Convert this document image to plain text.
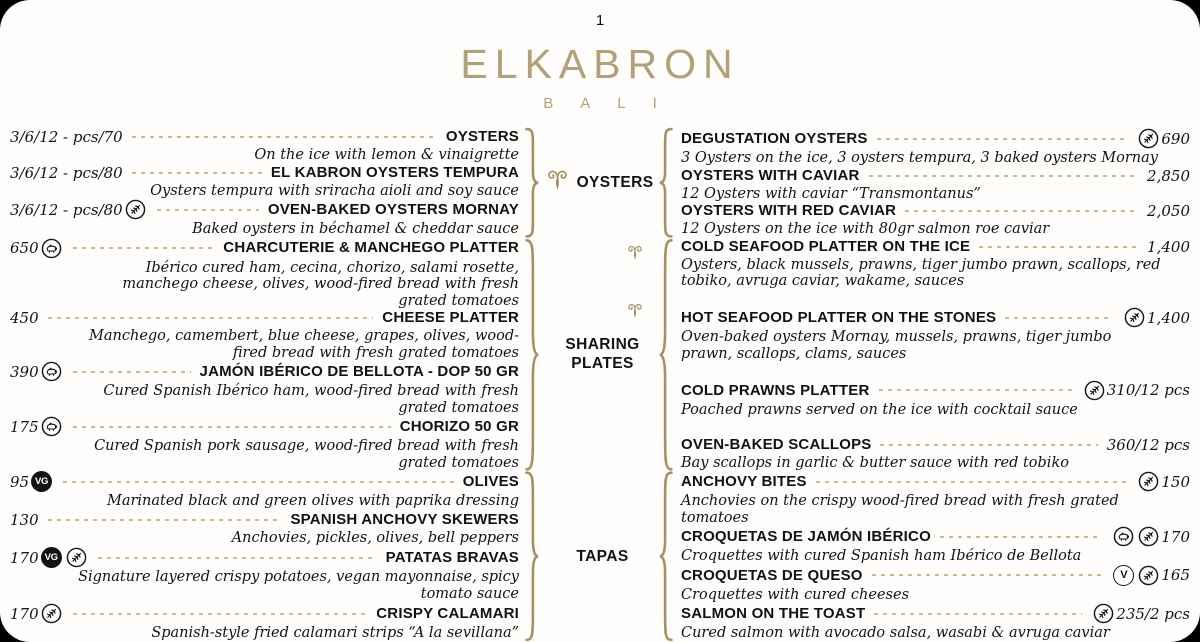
1
ELKABRON
BALI
3/6/12 - pcs/70	OYSTERS
On the ice with lemon & vinaigrette
3/6/12 - pcs/80	EL KABRON OYSTERS TEMPURA
Oysters tempura with sriracha aioli and soy sauce
3/6/12 - pcs/80	OVEN-BAKED OYSTERS MORNAY
Baked oysters in béchamel & cheddar sauce
OYSTERS
DEGUSTATION OYSTERS	690
3 Oysters on the ice, 3 oysters tempura, 3 baked oysters Mornay
OYSTERS WITH CAVIAR	2,850
12 Oysters with caviar “Transmontanus”
OYSTERS WITH RED CAVIAR	2,050
12 Oysters on the ice with 80gr salmon roe caviar
650	CHARCUTERIE & MANCHEGO PLATTER
Ibérico cured ham, cecina, chorizo, salami rosette, manchego cheese, olives, wood-fired bread with fresh grated tomatoes
450	CHEESE PLATTER
Manchego, camembert, blue cheese, grapes, olives, wood-fired bread with fresh grated tomatoes
390	JAMÓN IBÉRICO DE BELLOTA - DOP 50 GR
Cured Spanish Ibérico ham, wood-fired bread with fresh grated tomatoes
175	CHORIZO 50 GR
Cured Spanish pork sausage, wood-fired bread with fresh grated tomatoes
SHARING
PLATES
COLD SEAFOOD PLATTER ON THE ICE	1,400
Oysters, black mussels, prawns, tiger jumbo prawn, scallops, red tobiko, avruga caviar, wakame, sauces
HOT SEAFOOD PLATTER ON THE STONES	1,400
Oven-baked oysters Mornay, mussels, prawns, tiger jumbo prawn, scallops, clams, sauces
COLD PRAWNS PLATTER	310/12 pcs
Poached prawns served on the ice with cocktail sauce
OVEN-BAKED SCALLOPS	360/12 pcs
Bay scallops in garlic & butter sauce with red tobiko
95 VG	OLIVES
Marinated black and green olives with paprika dressing
130	SPANISH ANCHOVY SKEWERS
Anchovies, pickles, olives, bell peppers
170 VG	PATATAS BRAVAS
Signature layered crispy potatoes, vegan mayonnaise, spicy tomato sauce
170	CRISPY CALAMARI
Spanish-style fried calamari strips “A la sevillana”
TAPAS
ANCHOVY BITES	150
Anchovies on the crispy wood-fired bread with fresh grated tomatoes
CROQUETAS DE JAMÓN IBÉRICO	170
Croquettes with cured Spanish ham Ibérico de Bellota
CROQUETAS DE QUESO	V	165
Croquettes with cured cheeses
SALMON ON THE TOAST	235/2 pcs
Cured salmon with avocado salsa, wasabi & avruga caviar
